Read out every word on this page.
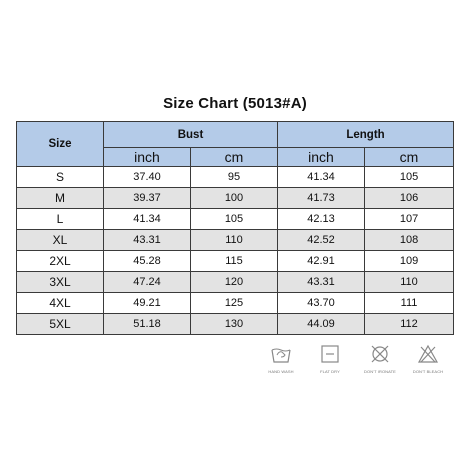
Size Chart (5013#A)
Size	Bust		Length	
	inch	cm	inch	cm
S	37.40	95	41.34	105
M	39.37	100	41.73	106
L	41.34	105	42.13	107
XL	43.31	110	42.52	108
2XL	45.28	115	42.91	109
3XL	47.24	120	43.31	110
4XL	49.21	125	43.70	111
5XL	51.18	130	44.09	112
HAND WASH	FLAT DRY	DON'T IRONATE	DON'T BLEACH
